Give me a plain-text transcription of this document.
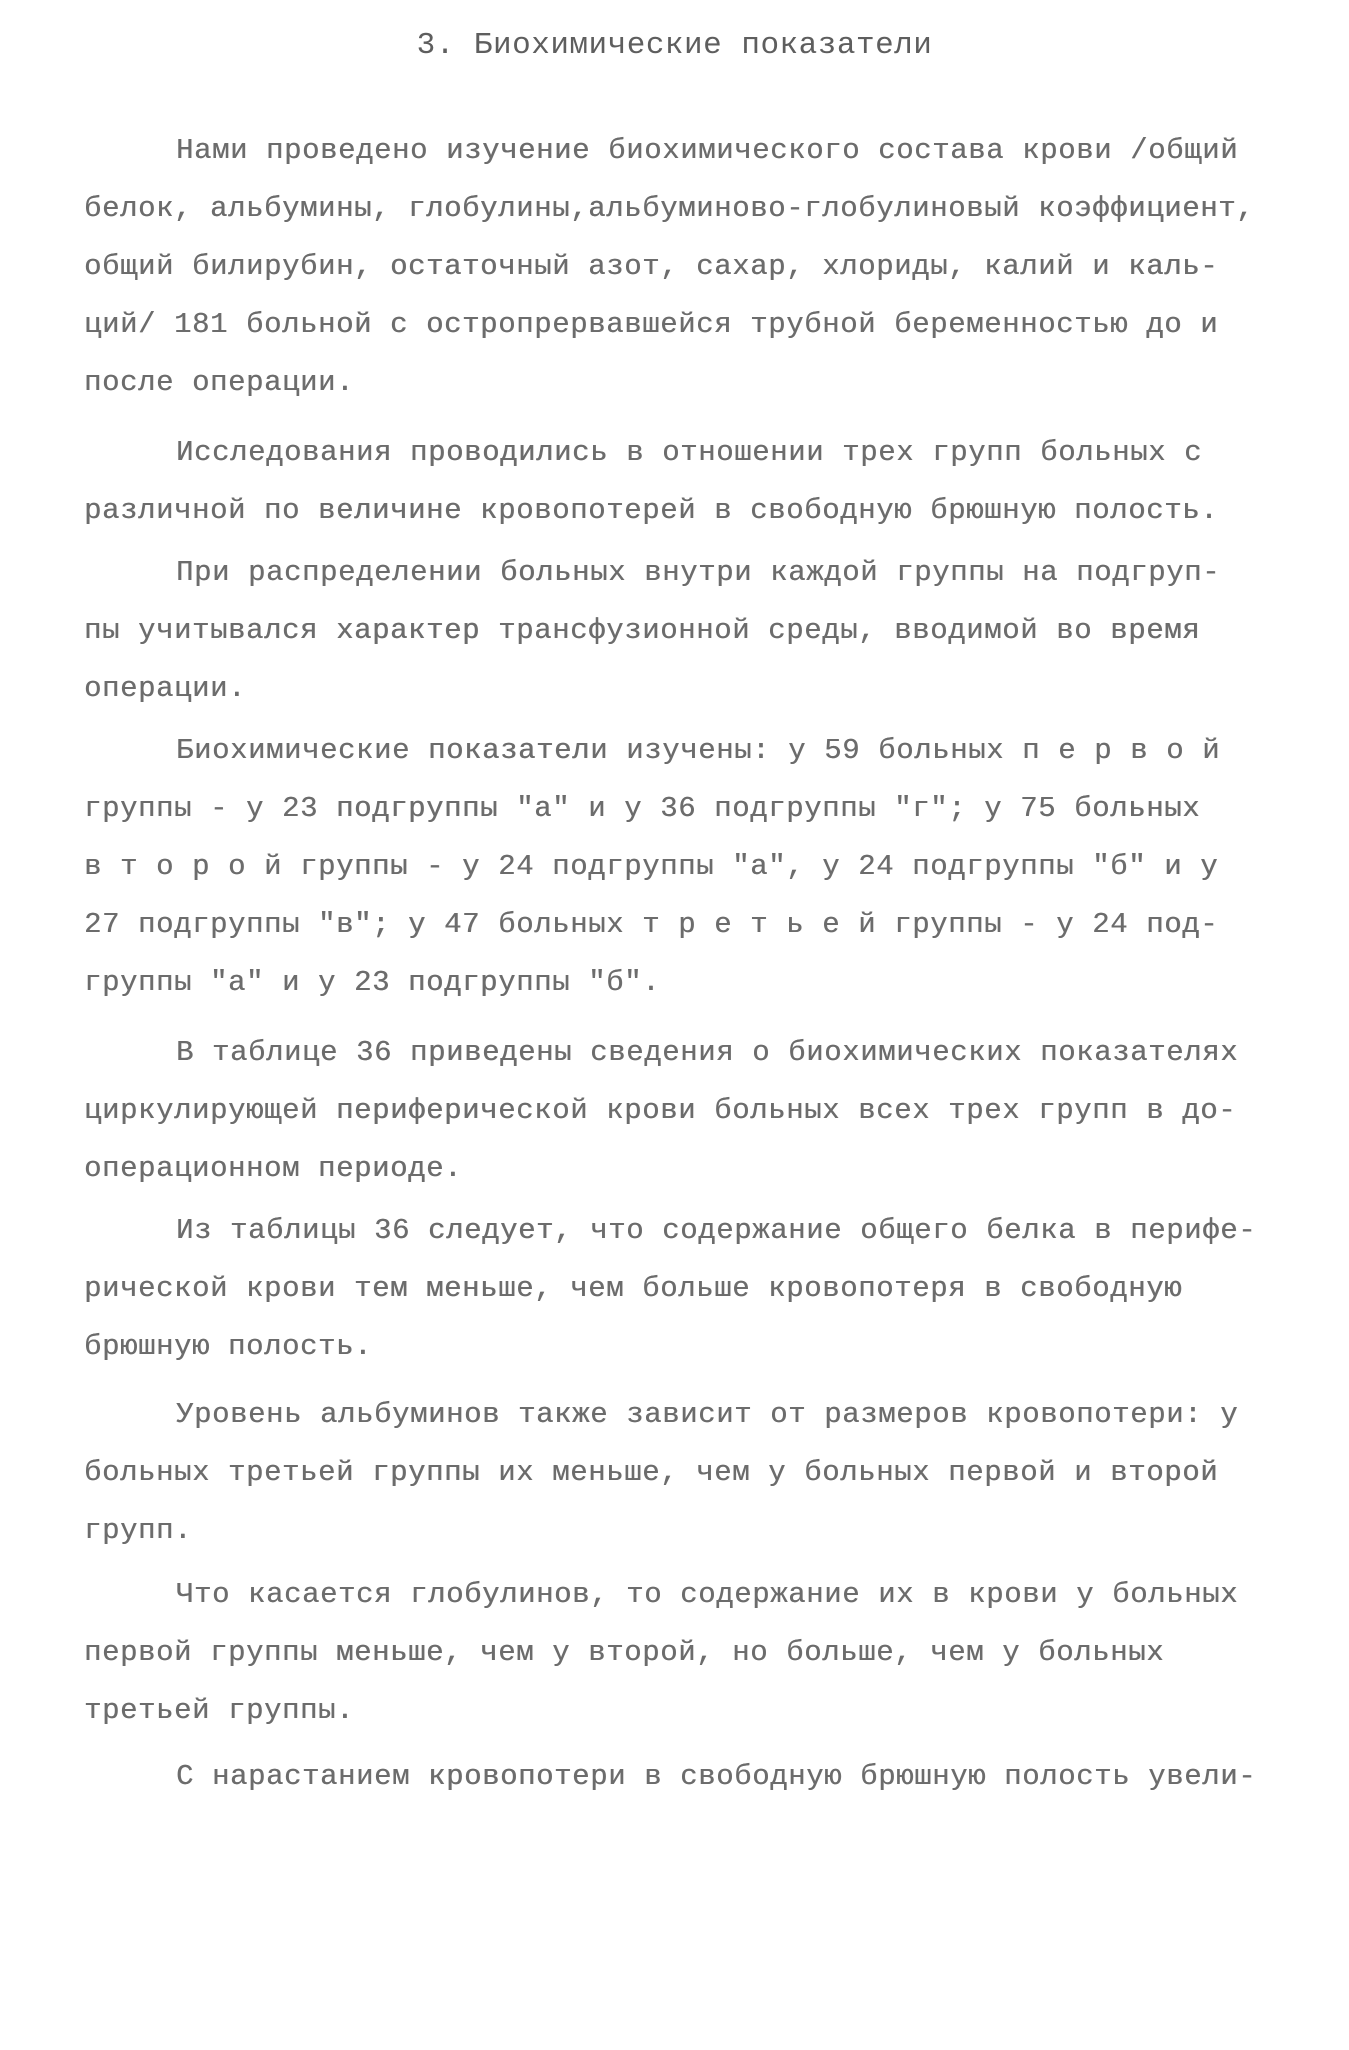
3. Биохимические показатели
Нами проведено изучение биохимического состава крови /общий
белок, альбумины, глобулины,альбуминово-глобулиновый коэффициент,
общий билирубин, остаточный азот, сахар, хлориды, калий и каль-
ций/ 181 больной с остропрервавшейся трубной беременностью до и
после операции.
Исследования проводились в отношении трех групп больных с
различной по величине кровопотерей в свободную брюшную полость.
При распределении больных внутри каждой группы на подгруп-
пы учитывался характер трансфузионной среды, вводимой во время
операции.
Биохимические показатели изучены: у 59 больных п е р в о й
группы - у 23 подгруппы "а" и у 36 подгруппы "г"; у 75 больных
в т о р о й группы - у 24 подгруппы "а", у 24 подгруппы "б" и у
27 подгруппы "в"; у 47 больных т р е т ь е й группы - у 24 под-
группы "а" и у 23 подгруппы "б".
В таблице 36 приведены сведения о биохимических показателях
циркулирующей периферической крови больных всех трех групп в до-
операционном периоде.
Из таблицы 36 следует, что содержание общего белка в перифе-
рической крови тем меньше, чем больше кровопотеря в свободную
брюшную полость.
Уровень альбуминов также зависит от размеров кровопотери: у
больных третьей группы их меньше, чем у больных первой и второй
групп.
Что касается глобулинов, то содержание их в крови у больных
первой группы меньше, чем у второй, но больше, чем у больных
третьей группы.
С нарастанием кровопотери в свободную брюшную полость увели-
